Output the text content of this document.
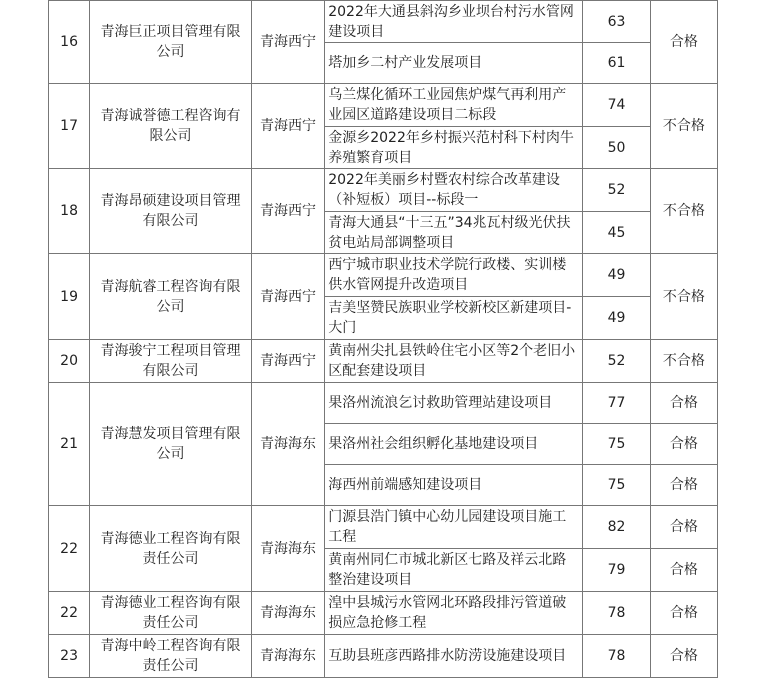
16	青海巨正项目管理有限公司	青海西宁	2022年大通县斜沟乡业坝台村污水管网建设项目	63	合格
			塔加乡二村产业发展项目	61	
17	青海诚誉德工程咨询有限公司	青海西宁	乌兰煤化循环工业园焦炉煤气再利用产业园区道路建设项目二标段	74	不合格
			金源乡2022年乡村振兴范村科下村肉牛养殖繁育项目	50	
18	青海昂硕建设项目管理有限公司	青海西宁	2022年美丽乡村暨农村综合改革建设（补短板）项目--标段一	52	不合格
			青海大通县“十三五”34兆瓦村级光伏扶贫电站局部调整项目	45	
19	青海航睿工程咨询有限公司	青海西宁	西宁城市职业技术学院行政楼、实训楼供水管网提升改造项目	49	不合格
			吉美坚赞民族职业学校新校区新建项目-大门	49	
20	青海骏宁工程项目管理有限公司	青海西宁	黄南州尖扎县铁岭住宅小区等2个老旧小区配套建设项目	52	不合格
21	青海慧发项目管理有限公司	青海海东	果洛州流浪乞讨救助管理站建设项目	77	合格
			果洛州社会组织孵化基地建设项目	75	合格
			海西州前端感知建设项目	75	合格
22	青海德业工程咨询有限责任公司	青海海东	门源县浩门镇中心幼儿园建设项目施工工程	82	合格
			黄南州同仁市城北新区七路及祥云北路整治建设项目	79	合格
22	青海德业工程咨询有限责任公司	青海海东	湟中县城污水管网北环路段排污管道破损应急抢修工程	78	合格
23	青海中岭工程咨询有限责任公司	青海海东	互助县班彦西路排水防涝设施建设项目	78	合格
